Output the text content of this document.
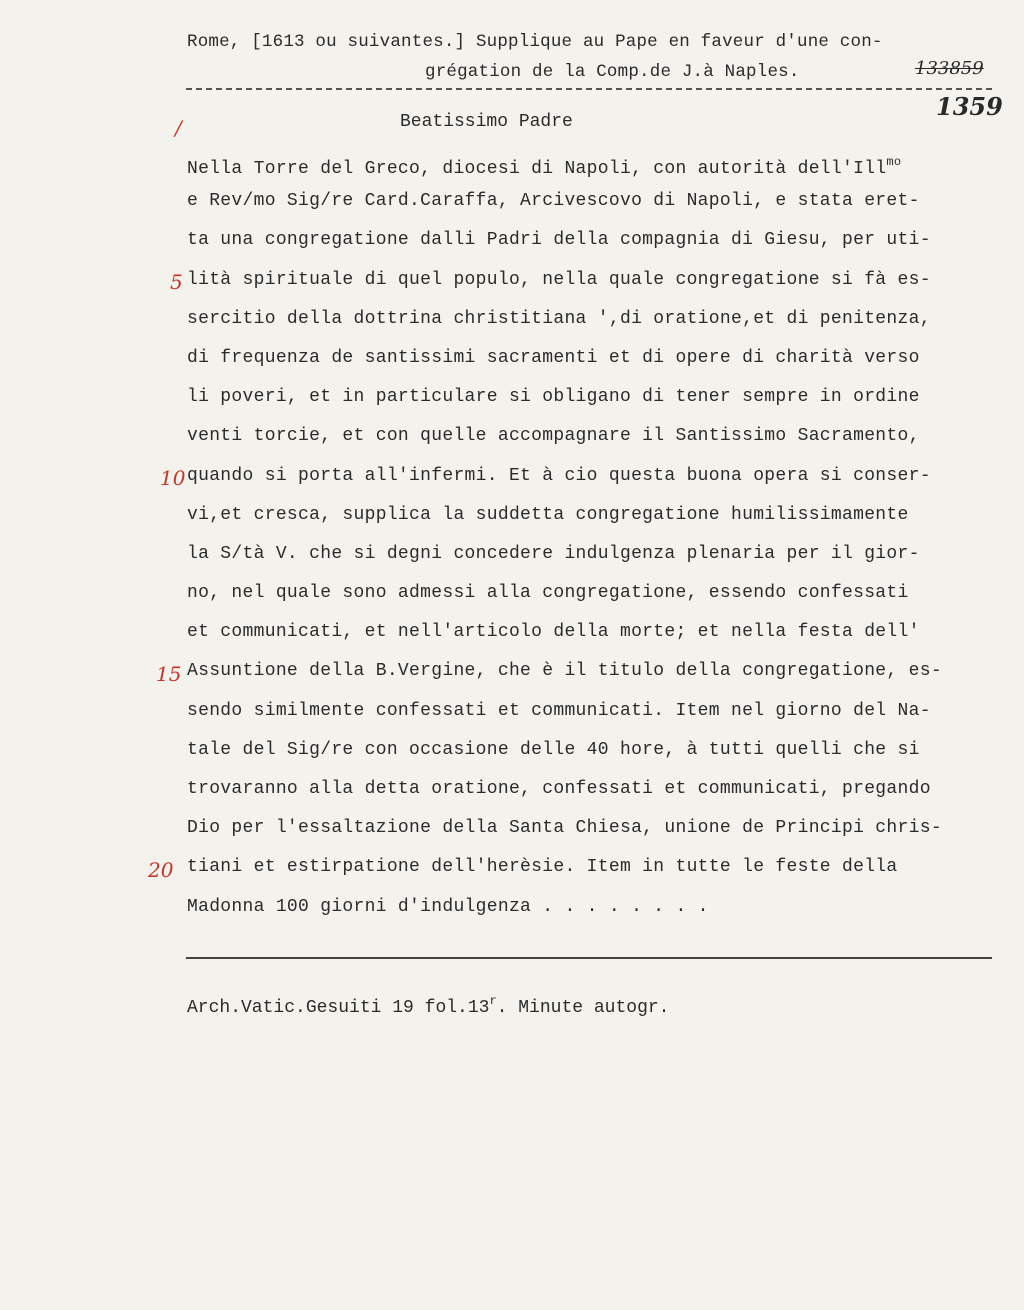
Rome, [1613 ou suivantes.] Supplique au Pape en faveur d'une con-
grégation de la Comp.de J.à Naples.	133859
1359
/	Beatissimo Padre
5
10
15
20
Nella Torre del Greco, diocesi di Napoli, con autorità dell'Ill$^{mo}$
e Rev/mo Sig/re Card.Caraffa, Arcivescovo di Napoli, e stata eret-
ta una congregatione dalli Padri della compagnia di Giesu, per uti-
lità spirituale di quel populo, nella quale congregatione si fà es-
sercitio della dottrina christitiana ',di oratione,et di penitenza,
di frequenza de santissimi sacramenti et di opere di charità verso
li poveri, et in particulare si obligano di tener sempre in ordine
venti torcie, et con quelle accompagnare il Santissimo Sacramento,
quando si porta all'infermi. Et à cio questa buona opera si conser-
vi,et cresca, supplica la suddetta congregatione humilissimamente
la S/tà V. che si degni concedere indulgenza plenaria per il gior-
no, nel quale sono admessi alla congregatione, essendo confessati
et communicati, et nell'articolo della morte; et nella festa dell'
Assuntione della B.Vergine, che è il titulo della congregatione, es-
sendo similmente confessati et communicati. Item nel giorno del Na-
tale del Sig/re con occasione delle 40 hore, à tutti quelli che si
trovaranno alla detta oratione, confessati et communicati, pregando
Dio per l'essaltazione della Santa Chiesa, unione de Principi chris-
tiani et estirpatione dell'herèsie. Item in tutte le feste della
Madonna 100 giorni d'indulgenza . . . . . . . .
Arch.Vatic.Gesuiti 19 fol.13$^r$. Minute autogr.
